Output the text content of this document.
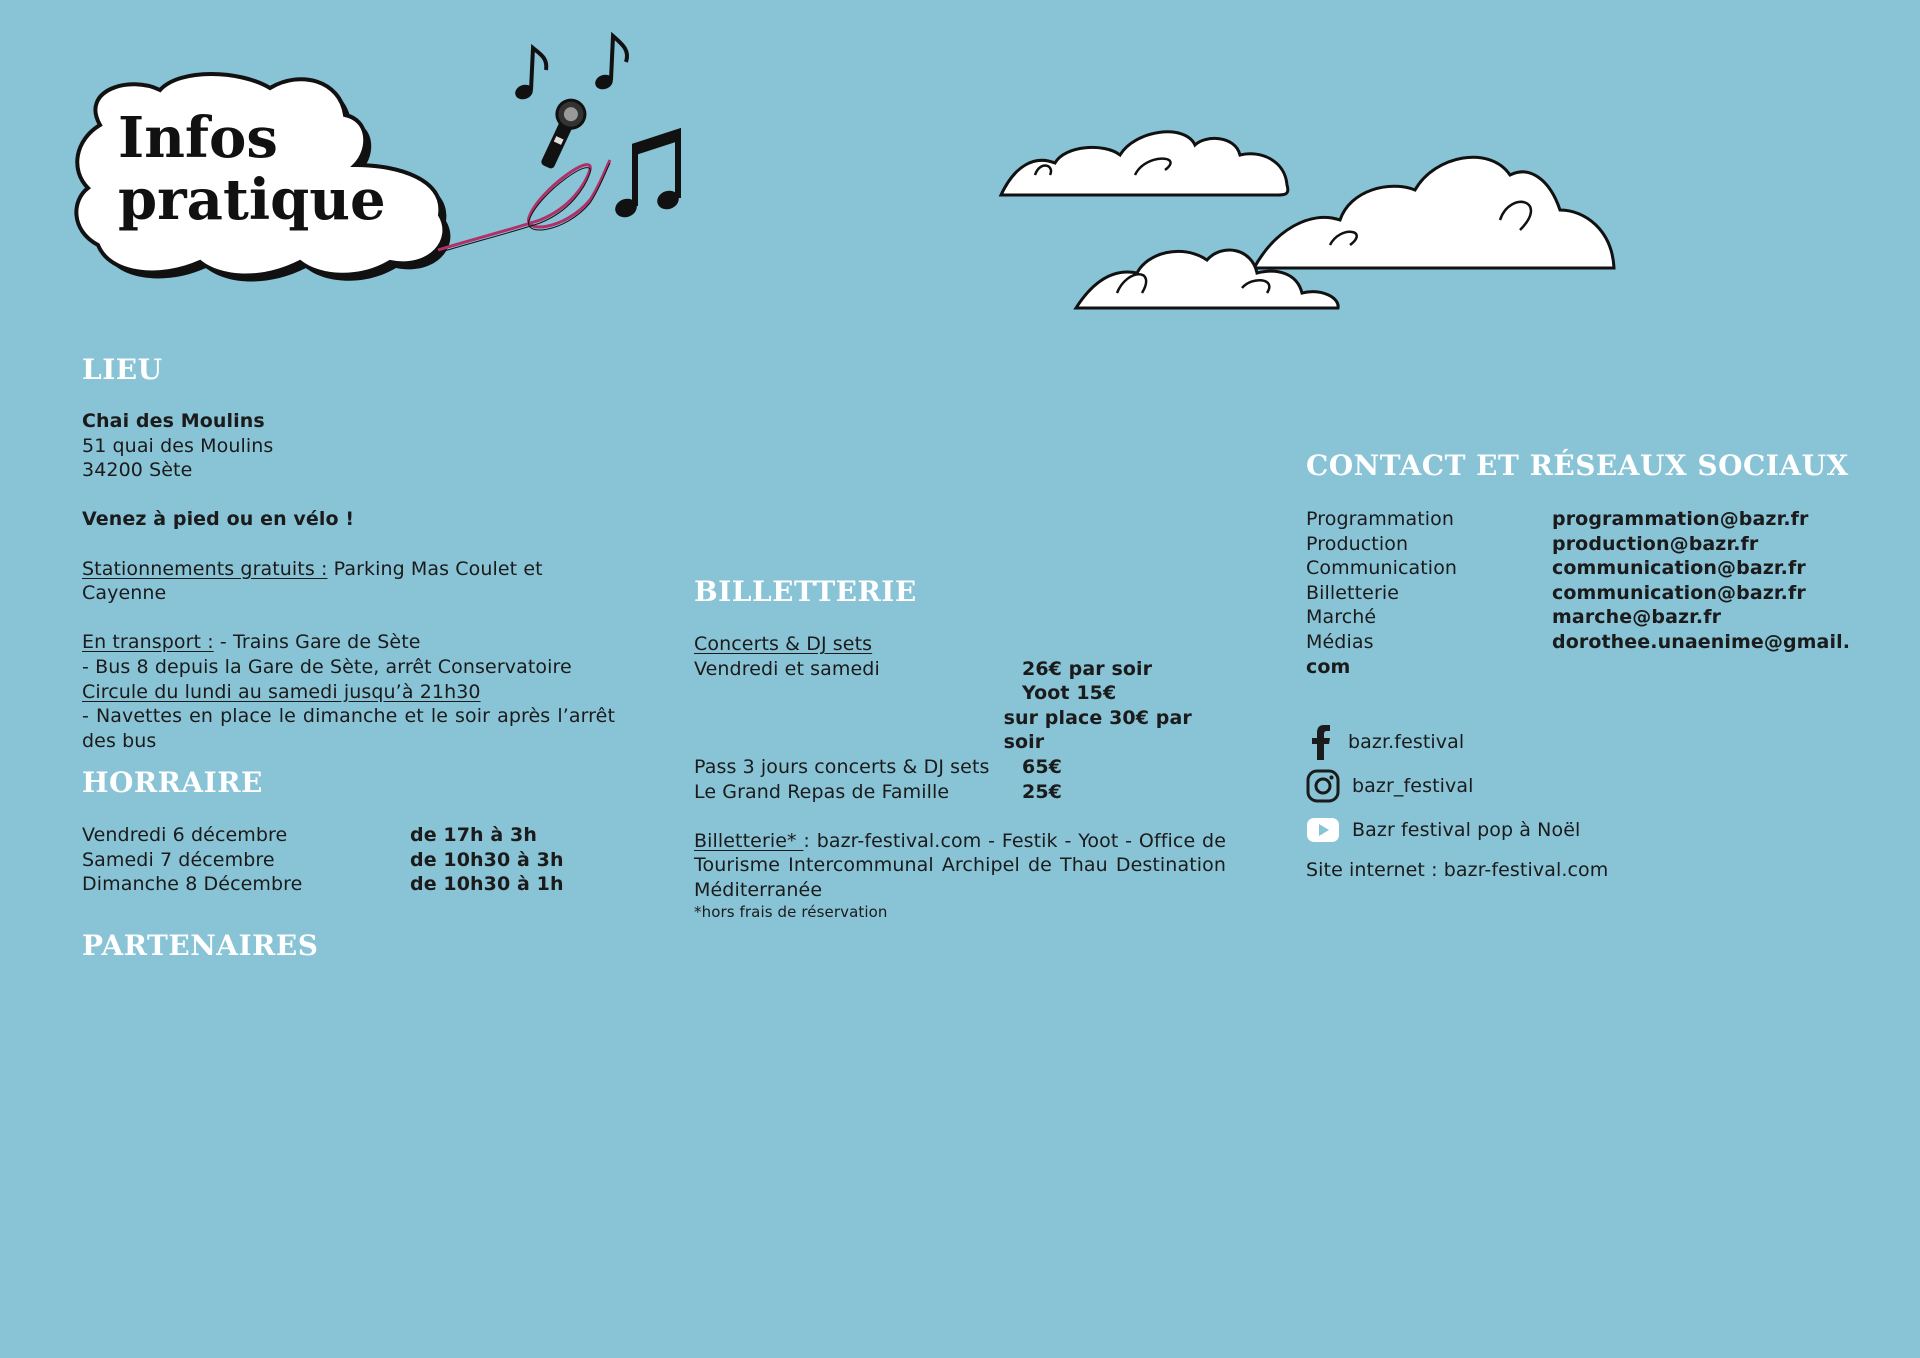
Infos
pratique
LIEU
Chai des Moulins
51 quai des Moulins
34200 Sète
Venez à pied ou en vélo !
Stationnements gratuits : Parking Mas Coulet et Cayenne
En transport : - Trains Gare de Sète
- Bus 8 depuis la Gare de Sète, arrêt Conservatoire
Circule du lundi au samedi jusqu’à 21h30
- Navettes en place le dimanche et le soir après l’arrêt des bus
HORRAIRE
Vendredi 6 décembre	de 17h à 3h
Samedi 7 décembre	de 10h30 à 3h
Dimanche 8 Décembre	de 10h30 à 1h
PARTENAIRES
BILLETTERIE
Concerts & DJ sets
Vendredi et samedi	26€ par soir
Yoot 15€
sur place 30€ par soir
Pass 3 jours concerts & DJ sets	65€
Le Grand Repas de Famille	25€
Billetterie* : bazr-festival.com - Festik - Yoot - Office de Tourisme Intercommunal Archipel de Thau Destination Méditerranée
*hors frais de réservation
CONTACT ET RÉSEAUX SOCIAUX
Programmation	programmation@bazr.fr
Production	production@bazr.fr
Communication	communication@bazr.fr
Billetterie	communication@bazr.fr
Marché	marche@bazr.fr
Médias	dorothee.unaenime@gmail.
com
bazr.festival
bazr_festival
Bazr festival pop à Noël
Site internet : bazr-festival.com
